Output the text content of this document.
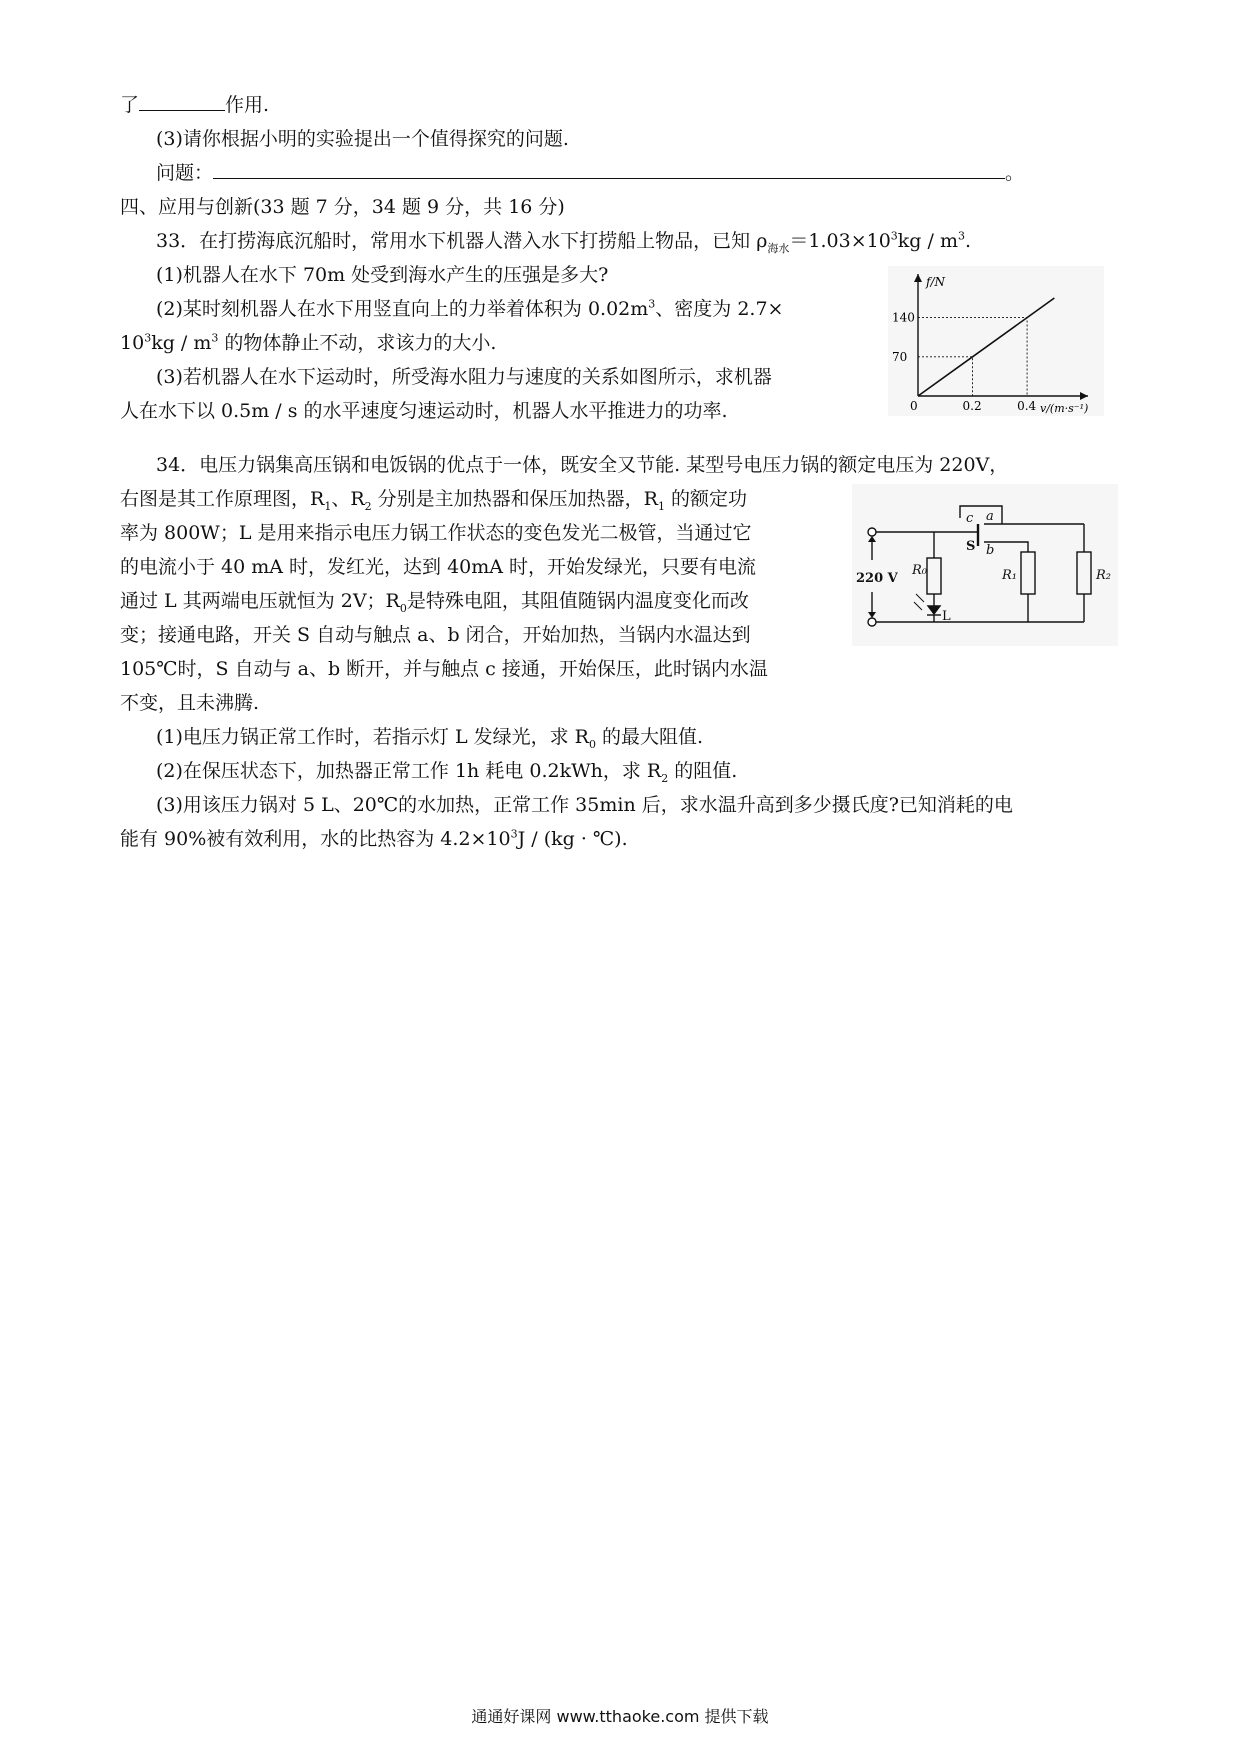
了	作用.
(3)请你根据小明的实验提出一个值得探究的问题.
问题：	。
四、应用与创新(33 题 7 分，34 题 9 分，共 16 分)
33．在打捞海底沉船时，常用水下机器人潜入水下打捞船上物品，已知 $\rho_{海水}=1.03\times 10^3kg / m^3$.
(1)机器人在水下 70m 处受到海水产生的压强是多大?
(2)某时刻机器人在水下用竖直向上的力举着体积为 $0.02m^3$、密度为 2.7×
$10^3kg / m^3$ 的物体静止不动，求该力的大小.
(3)若机器人在水下运动时，所受海水阻力与速度的关系如图所示，求机器
人在水下以 0.5m / s 的水平速度匀速运动时，机器人水平推进力的功率.	0	0.2	0.4
70
140
f/N
v/(m·s⁻¹)
34．电压力锅集高压锅和电饭锅的优点于一体，既安全又节能. 某型号电压力锅的额定电压为 220V，
右图是其工作原理图，$R_1$、$R_2$ 分别是主加热器和保压加热器，$R_1$ 的额定功
率为 800W；L 是用来指示电压力锅工作状态的变色发光二极管，当通过它
的电流小于 40 mA 时，发红光，达到 40mA 时，开始发绿光，只要有电流
通过 L 其两端电压就恒为 2V；$R_0$是特殊电阻，其阻值随锅内温度变化而改
变；接通电路，开关 S 自动与触点 a、b 闭合，开始加热，当锅内水温达到
105℃时，S 自动与 a、b 断开，并与触点 c 接通，开始保压，此时锅内水温
不变，且未沸腾.
(1)电压力锅正常工作时，若指示灯 L 发绿光，求 $R_0$ 的最大阻值.
(2)在保压状态下，加热器正常工作 1h 耗电 0.2kWh，求 $R_2$ 的阻值.
(3)用该压力锅对 5 L、20℃的水加热，正常工作 35min 后，求水温升高到多少摄氏度?已知消耗的电
能有 90%被有效利用，水的比热容为 $4.2\times 10^3J / (kg$ · ℃).
220 V
R₀
L
S b
a
c
R₁	R₂
通通好课网 www.tthaoke.com 提供下载
